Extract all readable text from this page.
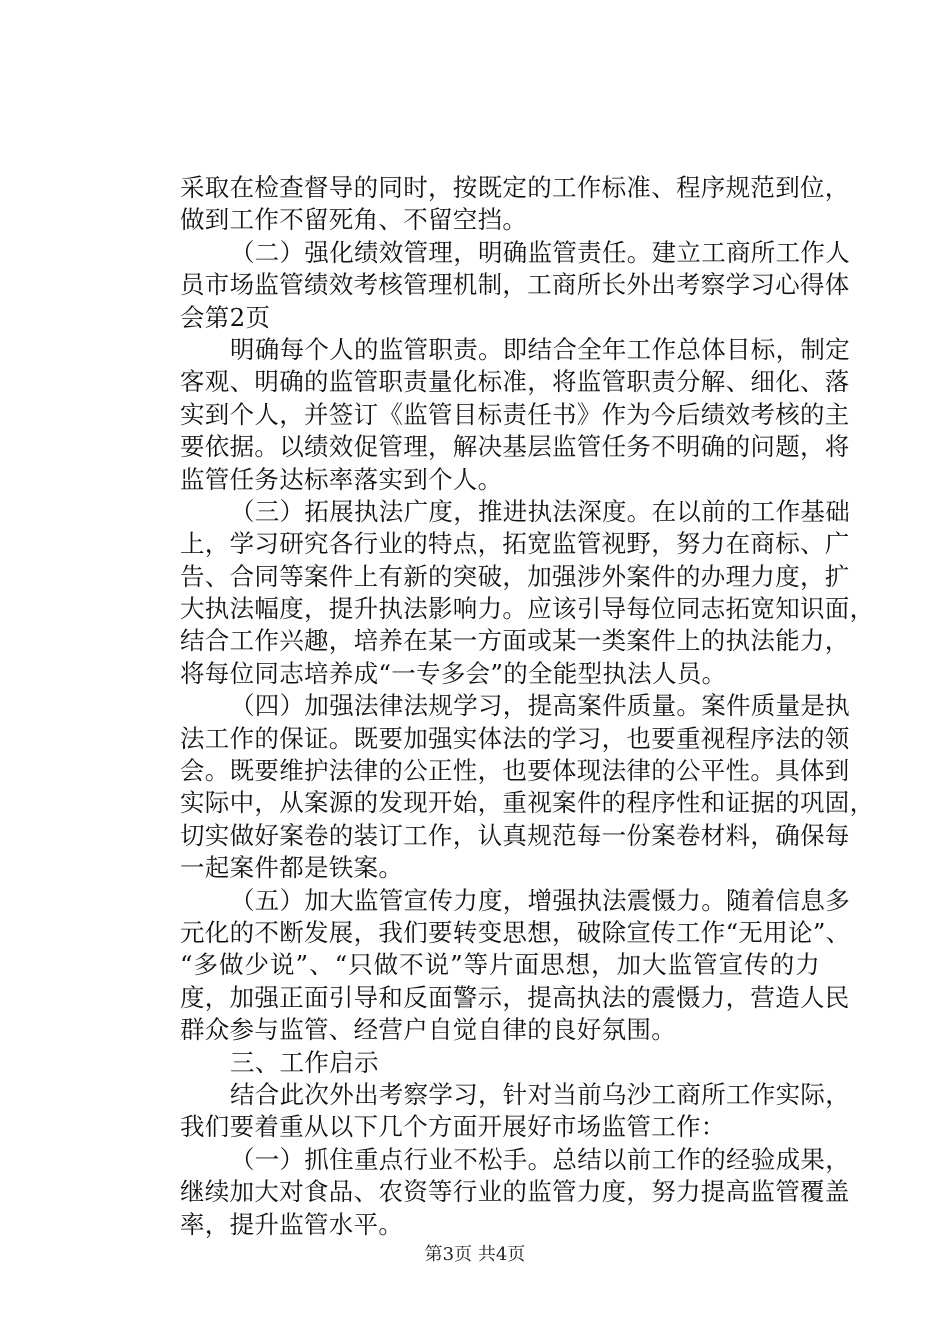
采取在检查督导的同时，按既定的工作标准、程序规范到位，
做到工作不留死角、不留空挡。
（二）强化绩效管理，明确监管责任。建立工商所工作人
员市场监管绩效考核管理机制，工商所长外出考察学习心得体
会第2页
明确每个人的监管职责。即结合全年工作总体目标，制定
客观、明确的监管职责量化标准，将监管职责分解、细化、落
实到个人，并签订《监管目标责任书》作为今后绩效考核的主
要依据。以绩效促管理，解决基层监管任务不明确的问题，将
监管任务达标率落实到个人。
（三）拓展执法广度，推进执法深度。在以前的工作基础
上，学习研究各行业的特点，拓宽监管视野，努力在商标、广
告、合同等案件上有新的突破，加强涉外案件的办理力度，扩
大执法幅度，提升执法影响力。应该引导每位同志拓宽知识面，
结合工作兴趣，培养在某一方面或某一类案件上的执法能力，
将每位同志培养成“一专多会”的全能型执法人员。
（四）加强法律法规学习，提高案件质量。案件质量是执
法工作的保证。既要加强实体法的学习，也要重视程序法的领
会。既要维护法律的公正性，也要体现法律的公平性。具体到
实际中，从案源的发现开始，重视案件的程序性和证据的巩固，
切实做好案卷的装订工作，认真规范每一份案卷材料，确保每
一起案件都是铁案。
（五）加大监管宣传力度，增强执法震慑力。随着信息多
元化的不断发展，我们要转变思想，破除宣传工作“无用论”、
“多做少说”、“只做不说”等片面思想，加大监管宣传的力
度，加强正面引导和反面警示，提高执法的震慑力，营造人民
群众参与监管、经营户自觉自律的良好氛围。
三、工作启示
结合此次外出考察学习，针对当前乌沙工商所工作实际，
我们要着重从以下几个方面开展好市场监管工作：
（一）抓住重点行业不松手。总结以前工作的经验成果，
继续加大对食品、农资等行业的监管力度，努力提高监管覆盖
率，提升监管水平。
第3页 共4页
